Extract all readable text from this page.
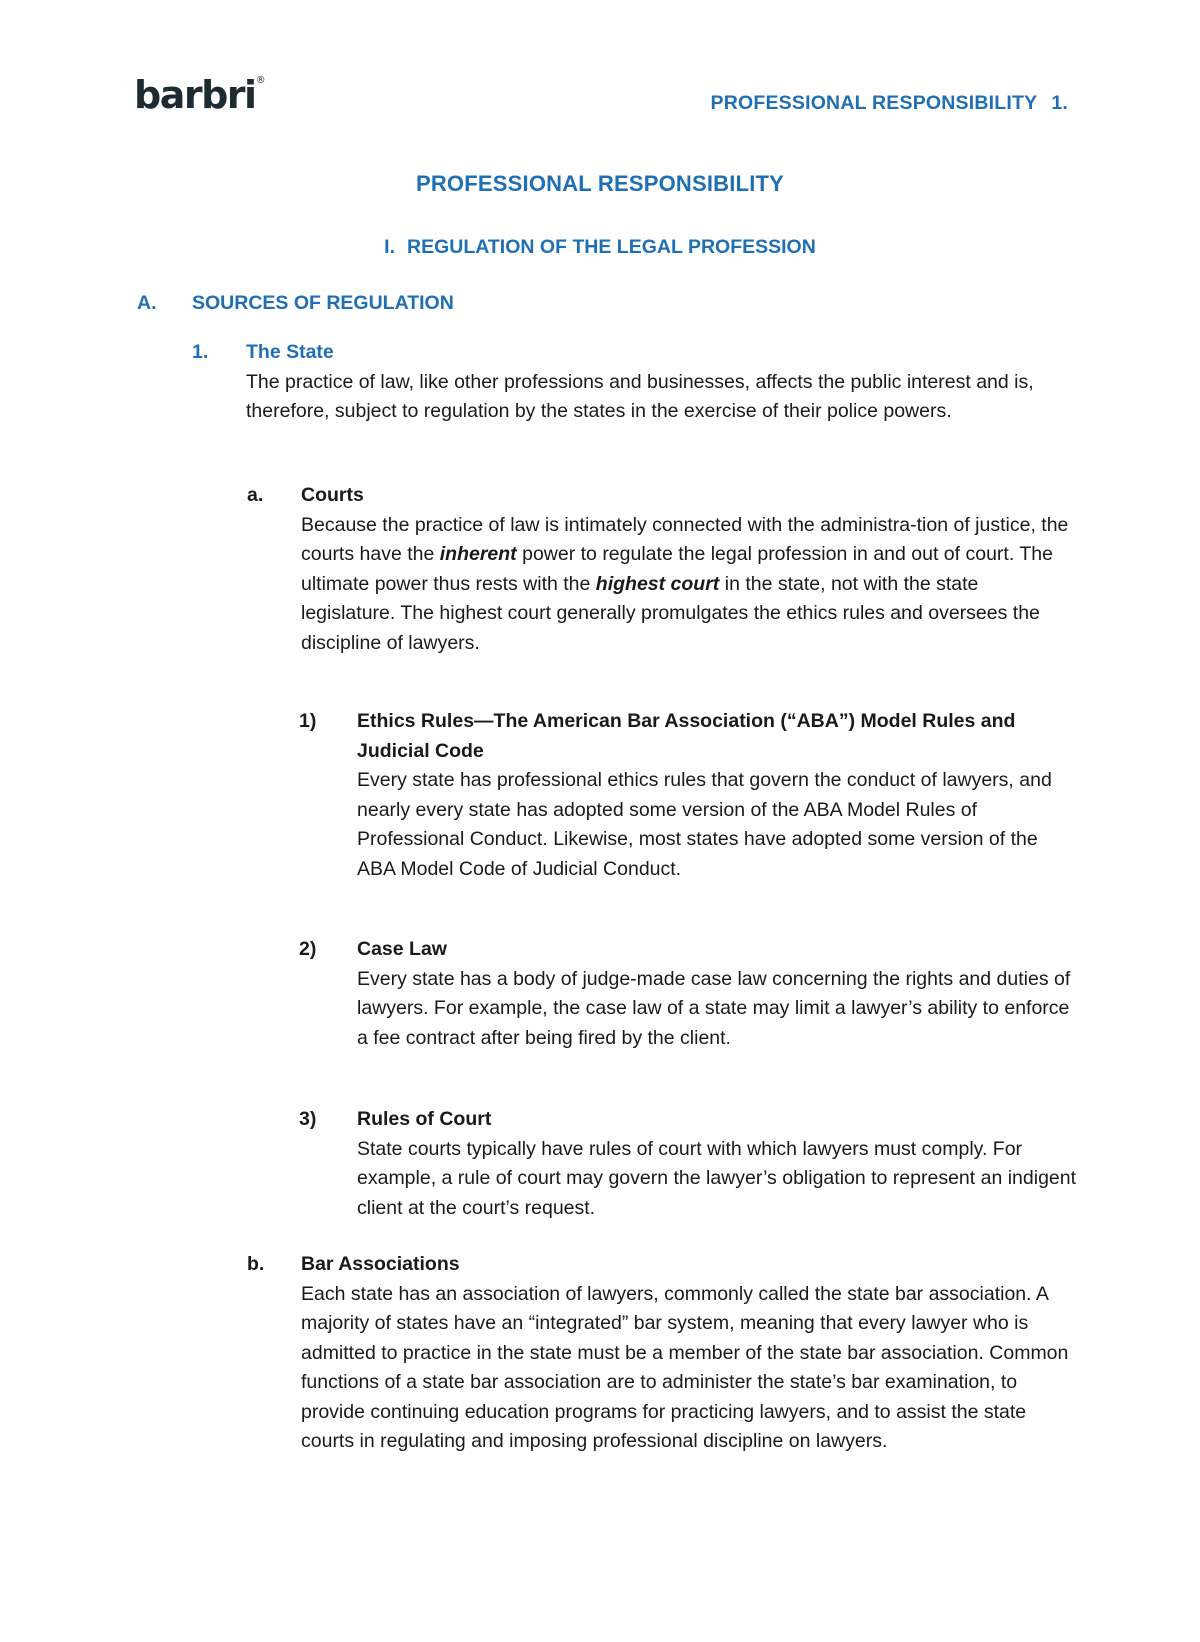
barbri®
PROFESSIONAL RESPONSIBILITY 1.
PROFESSIONAL RESPONSIBILITY
I. REGULATION OF THE LEGAL PROFESSION
A. SOURCES OF REGULATION
1. The State

The practice of law, like other professions and businesses, affects the public interest and is, therefore, subject to regulation by the states in the exercise of their police powers.

a. Courts

Because the practice of law is intimately connected with the administra-tion of justice, the courts have the inherent power to regulate the legal profession in and out of court. The ultimate power thus rests with the highest court in the state, not with the state legislature. The highest court generally promulgates the ethics rules and oversees the discipline of lawyers.

1) Ethics Rules—The American Bar Association (“ABA”) Model Rules and Judicial Code

Every state has professional ethics rules that govern the conduct of lawyers, and nearly every state has adopted some version of the ABA Model Rules of Professional Conduct. Likewise, most states have adopted some version of the ABA Model Code of Judicial Conduct.

2) Case Law

Every state has a body of judge-made case law concerning the rights and duties of lawyers. For example, the case law of a state may limit a lawyer’s ability to enforce a fee contract after being fired by the client.

3) Rules of Court

State courts typically have rules of court with which lawyers must comply. For example, a rule of court may govern the lawyer’s obligation to represent an indigent client at the court’s request.

b. Bar Associations

Each state has an association of lawyers, commonly called the state bar association. A majority of states have an “integrated” bar system, meaning that every lawyer who is admitted to practice in the state must be a member of the state bar association. Common functions of a state bar association are to administer the state’s bar examination, to provide continuing education programs for practicing lawyers, and to assist the state courts in regulating and imposing professional discipline on lawyers.
